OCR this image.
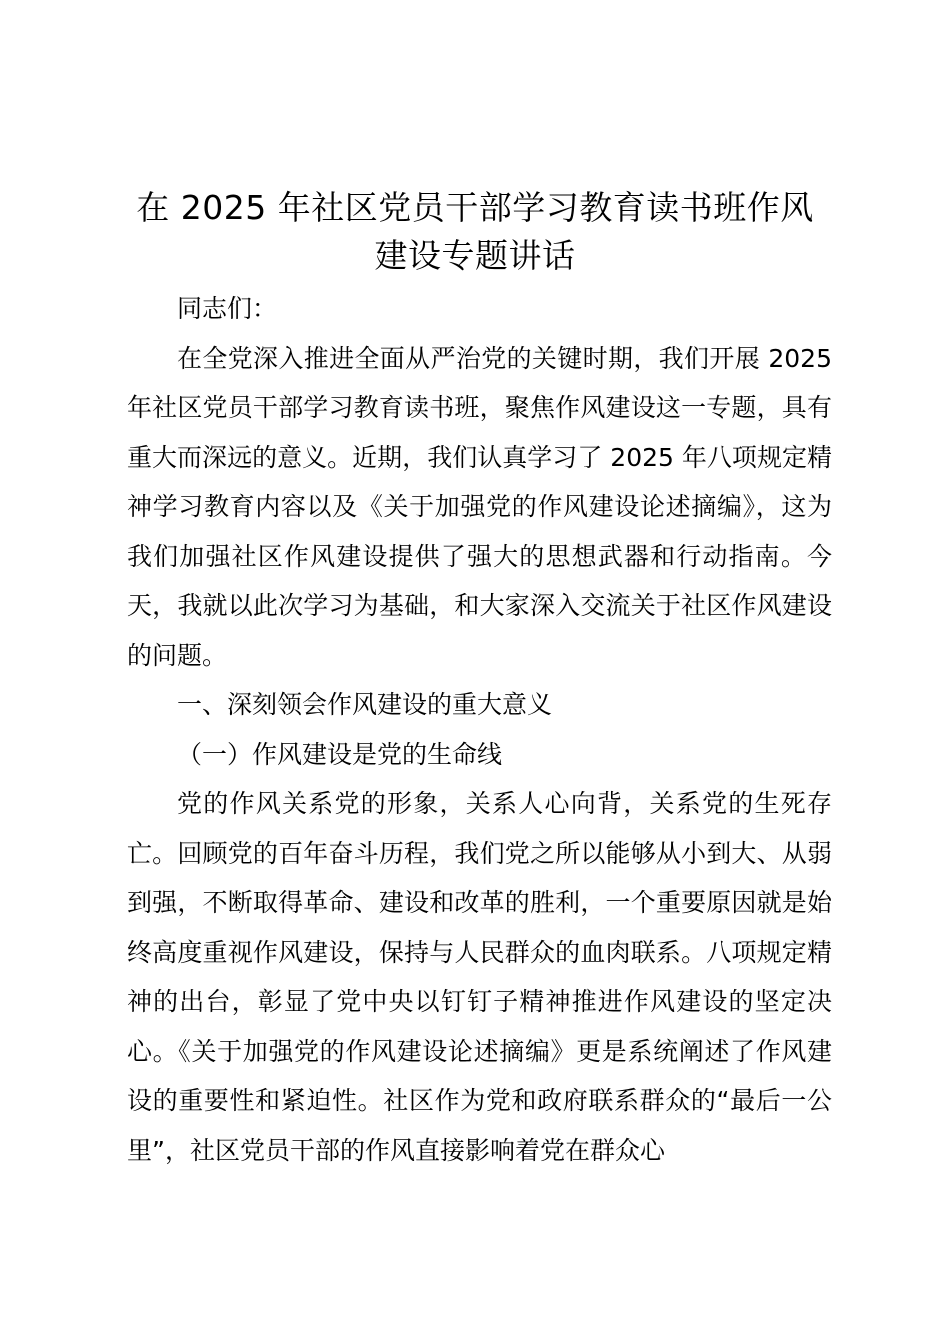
在 2025 年社区党员干部学习教育读书班作风
建设专题讲话

同志们：

在全党深入推进全面从严治党的关键时期，我们开展 2025 年社区党员干部学习教育读书班，聚焦作风建设这一专题，具有重大而深远的意义。近期，我们认真学习了 2025 年八项规定精神学习教育内容以及《关于加强党的作风建设论述摘编》，这为我们加强社区作风建设提供了强大的思想武器和行动指南。今天，我就以此次学习为基础，和大家深入交流关于社区作风建设的问题。

一、深刻领会作风建设的重大意义

（一）作风建设是党的生命线

党的作风关系党的形象，关系人心向背，关系党的生死存亡。回顾党的百年奋斗历程，我们党之所以能够从小到大、从弱到强，不断取得革命、建设和改革的胜利，一个重要原因就是始终高度重视作风建设，保持与人民群众的血肉联系。八项规定精神的出台，彰显了党中央以钉钉子精神推进作风建设的坚定决心。《关于加强党的作风建设论述摘编》更是系统阐述了作风建设的重要性和紧迫性。社区作为党和政府联系群众的“最后一公里”，社区党员干部的作风直接影响着党在群众心
